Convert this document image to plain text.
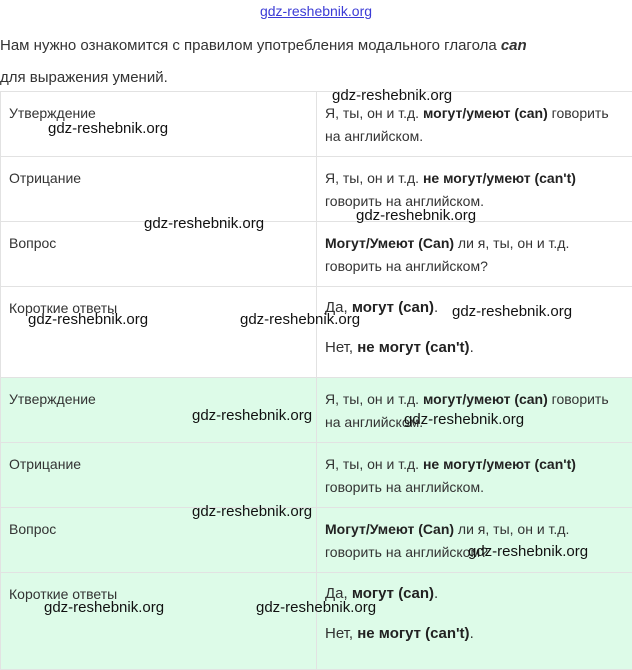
gdz-reshebnik.org
Нам нужно ознакомится с правилом употребления модального глагола can
для выражения умений.
Утверждение	Я, ты, он и т.д. могут/умеют (can) говорить на английском.
Отрицание	Я, ты, он и т.д. не могут/умеют (can't) говорить на английском.
Вопрос	Могут/Умеют (Can) ли я, ты, он и т.д. говорить на английском?
Короткие ответы	Да, могут (can).

Нет, не могут (can't).

Утверждение	Я, ты, он и т.д. могут/умеют (can) говорить на английском.
Отрицание	Я, ты, он и т.д. не могут/умеют (can't) говорить на английском.
Вопрос	Могут/Умеют (Can) ли я, ты, он и т.д. говорить на английском?
Короткие ответы	Да, могут (can).

Нет, не могут (can't).

gdz-reshebnik.org
gdz-reshebnik.org
gdz-reshebnik.org	gdz-reshebnik.org
gdz-reshebnik.org
gdz-reshebnik.org	gdz-reshebnik.org
gdz-reshebnik.org	gdz-reshebnik.org
gdz-reshebnik.org
gdz-reshebnik.org
gdz-reshebnik.org	gdz-reshebnik.org
